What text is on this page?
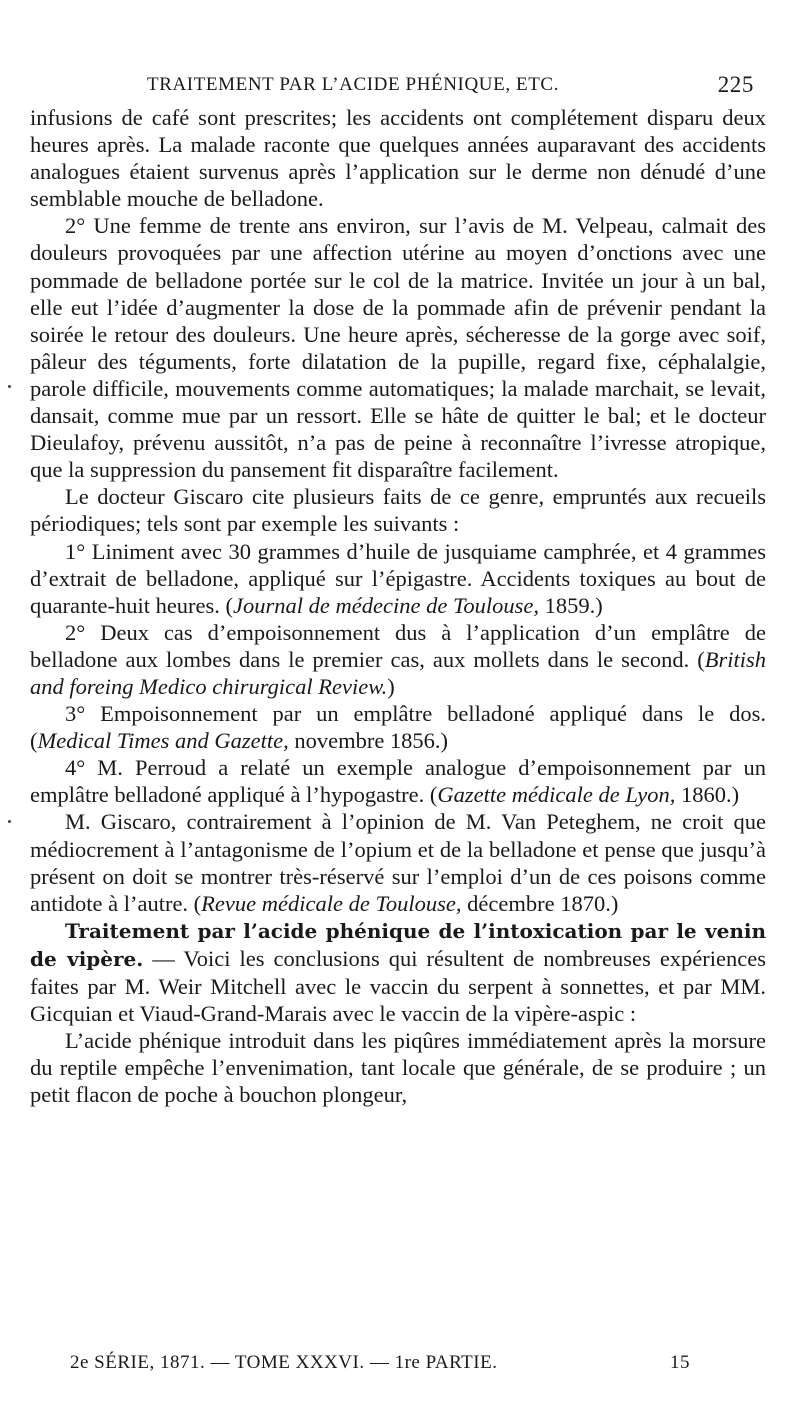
TRAITEMENT PAR L’ACIDE PHÉNIQUE, ETC.	225

infusions de café sont prescrites; les accidents ont complétement disparu deux heures après. La malade raconte que quelques années auparavant des accidents analogues étaient survenus après l’application sur le derme non dénudé d’une semblable mouche de belladone.

2° Une femme de trente ans environ, sur l’avis de M. Velpeau, calmait des douleurs provoquées par une affection utérine au moyen d’onctions avec une pommade de belladone portée sur le col de la matrice. Invitée un jour à un bal, elle eut l’idée d’augmenter la dose de la pommade afin de prévenir pendant la soirée le retour des douleurs. Une heure après, sécheresse de la gorge avec soif, pâleur des téguments, forte dilatation de la pupille, regard fixe, céphalalgie, parole difficile, mouvements comme automatiques; la malade marchait, se levait, dansait, comme mue par un ressort. Elle se hâte de quitter le bal; et le docteur Dieulafoy, prévenu aussitôt, n’a pas de peine à reconnaître l’ivresse atropique, que la suppression du pansement fit disparaître facilement.

Le docteur Giscaro cite plusieurs faits de ce genre, empruntés aux recueils périodiques; tels sont par exemple les suivants :

1° Liniment avec 30 grammes d’huile de jusquiame camphrée, et 4 grammes d’extrait de belladone, appliqué sur l’épigastre. Accidents toxiques au bout de quarante-huit heures. (Journal de médecine de Toulouse, 1859.)

2° Deux cas d’empoisonnement dus à l’application d’un emplâtre de belladone aux lombes dans le premier cas, aux mollets dans le second. (British and foreing Medico chirurgical Review.)

3° Empoisonnement par un emplâtre belladoné appliqué dans le dos. (Medical Times and Gazette, novembre 1856.)

4° M. Perroud a relaté un exemple analogue d’empoisonnement par un emplâtre belladoné appliqué à l’hypogastre. (Gazette médicale de Lyon, 1860.)

M. Giscaro, contrairement à l’opinion de M. Van Peteghem, ne croit que médiocrement à l’antagonisme de l’opium et de la belladone et pense que jusqu’à présent on doit se montrer très-réservé sur l’emploi d’un de ces poisons comme antidote à l’autre. (Revue médicale de Toulouse, décembre 1870.)

Traitement par l’acide phénique de l’intoxication par le venin de vipère. — Voici les conclusions qui résultent de nombreuses expériences faites par M. Weir Mitchell avec le vaccin du serpent à sonnettes, et par MM. Gicquian et Viaud-Grand-Marais avec le vaccin de la vipère-aspic :

L’acide phénique introduit dans les piqûres immédiatement après la morsure du reptile empêche l’envenimation, tant locale que générale, de se produire ; un petit flacon de poche à bouchon plongeur,

2e SÉRIE, 1871. — TOME XXXVI. — 1re PARTIE.	15
